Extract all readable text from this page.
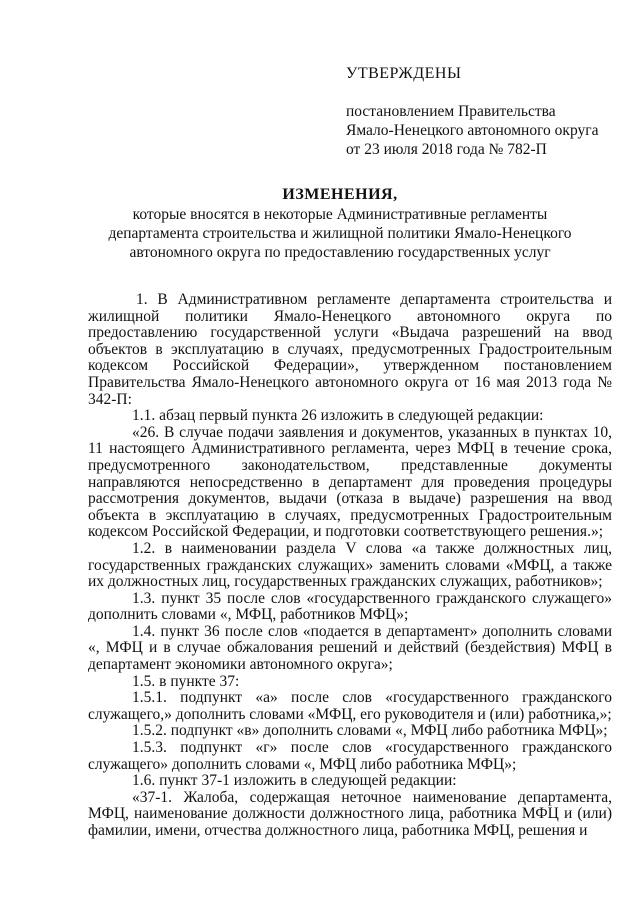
УТВЕРЖДЕНЫ
постановлением Правительства
Ямало-Ненецкого автономного округа
от 23 июля 2018 года № 782-П
ИЗМЕНЕНИЯ,
которые вносятся в некоторые Административные регламенты
департамента строительства и жилищной политики Ямало-Ненецкого
автономного округа по предоставлению государственных услуг

1. В Административном регламенте департамента строительства и жилищной политики Ямало-Ненецкого автономного округа по предоставлению государственной услуги «Выдача разрешений на ввод объектов в эксплуатацию в случаях, предусмотренных Градостроительным кодексом Российской Федерации», утвержденном постановлением Правительства Ямало-Ненецкого автономного округа от 16 мая 2013 года № 342-П:

1.1. абзац первый пункта 26 изложить в следующей редакции:

«26. В случае подачи заявления и документов, указанных в пунктах 10, 11 настоящего Административного регламента, через МФЦ в течение срока, предусмотренного законодательством, представленные документы направляются непосредственно в департамент для проведения процедуры рассмотрения документов, выдачи (отказа в выдаче) разрешения на ввод объекта в эксплуатацию в случаях, предусмотренных Градостроительным кодексом Российской Федерации, и подготовки соответствующего решения.»;

1.2. в наименовании раздела V слова «а также должностных лиц, государственных гражданских служащих» заменить словами «МФЦ, а также их должностных лиц, государственных гражданских служащих, работников»;

1.3. пункт 35 после слов «государственного гражданского служащего» дополнить словами «, МФЦ, работников МФЦ»;

1.4. пункт 36 после слов «подается в департамент» дополнить словами «, МФЦ и в случае обжалования решений и действий (бездействия) МФЦ в департамент экономики автономного округа»;

1.5. в пункте 37:

1.5.1. подпункт «а» после слов «государственного гражданского служащего,» дополнить словами «МФЦ, его руководителя и (или) работника,»;

1.5.2. подпункт «в» дополнить словами «, МФЦ либо работника МФЦ»;

1.5.3. подпункт «г» после слов «государственного гражданского служащего» дополнить словами «, МФЦ либо работника МФЦ»;

1.6. пункт 37-1 изложить в следующей редакции:

«37-1. Жалоба, содержащая неточное наименование департамента, МФЦ, наименование должности должностного лица, работника МФЦ и (или) фамилии, имени, отчества должностного лица, работника МФЦ, решения и
